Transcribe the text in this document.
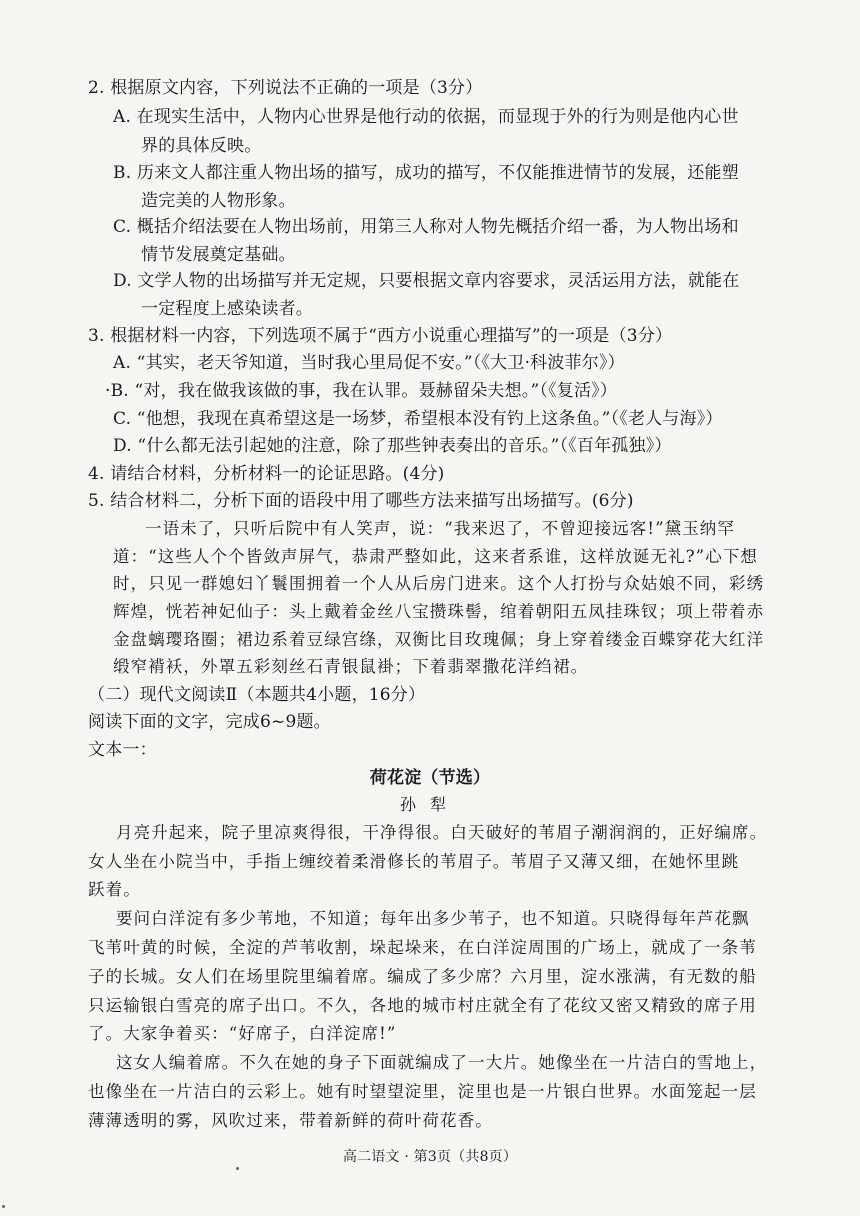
2. 根据原文内容，下列说法不正确的一项是（3分）
A. 在现实生活中，人物内心世界是他行动的依据，而显现于外的行为则是他内心世
界的具体反映。
B. 历来文人都注重人物出场的描写，成功的描写，不仅能推进情节的发展，还能塑
造完美的人物形象。
C. 概括介绍法要在人物出场前，用第三人称对人物先概括介绍一番，为人物出场和
情节发展奠定基础。
D. 文学人物的出场描写并无定规，只要根据文章内容要求，灵活运用方法，就能在
一定程度上感染读者。
3. 根据材料一内容，下列选项不属于“西方小说重心理描写”的一项是（3分）
A. “其实，老天爷知道，当时我心里局促不安。”（《大卫·科波菲尔》）
·B. “对，我在做我该做的事，我在认罪。聂赫留朵夫想。”（《复活》）
C. “他想，我现在真希望这是一场梦，希望根本没有钓上这条鱼。”（《老人与海》）
D. “什么都无法引起她的注意，除了那些钟表奏出的音乐。”（《百年孤独》）
4. 请结合材料，分析材料一的论证思路。(4分)
5. 结合材料二，分析下面的语段中用了哪些方法来描写出场描写。(6分)
一语未了，只听后院中有人笑声，说：“我来迟了，不曾迎接远客!”黛玉纳罕
道：“这些人个个皆敛声屏气，恭肃严整如此，这来者系谁，这样放诞无礼?”心下想
时，只见一群媳妇丫鬟围拥着一个人从后房门进来。这个人打扮与众姑娘不同，彩绣
辉煌，恍若神妃仙子：头上戴着金丝八宝攒珠髻，绾着朝阳五凤挂珠钗；项上带着赤
金盘螭璎珞圈；裙边系着豆绿宫绦，双衡比目玫瑰佩；身上穿着缕金百蝶穿花大红洋
缎窄褙袄，外罩五彩刻丝石青银鼠褂；下着翡翠撒花洋绉裙。
（二）现代文阅读Ⅱ（本题共4小题，16分）
阅读下面的文字，完成6~9题。
文本一：
荷花淀（节选）
孙犁
月亮升起来，院子里凉爽得很，干净得很。白天破好的苇眉子潮润润的，正好编席。
女人坐在小院当中，手指上缠绞着柔滑修长的苇眉子。苇眉子又薄又细，在她怀里跳
跃着。
要问白洋淀有多少苇地，不知道；每年出多少苇子，也不知道。只晓得每年芦花飘
飞苇叶黄的时候，全淀的芦苇收割，垛起垛来，在白洋淀周围的广场上，就成了一条苇
子的长城。女人们在场里院里编着席。编成了多少席？六月里，淀水涨满，有无数的船
只运输银白雪亮的席子出口。不久，各地的城市村庄就全有了花纹又密又精致的席子用
了。大家争着买：“好席子，白洋淀席!”
这女人编着席。不久在她的身子下面就编成了一大片。她像坐在一片洁白的雪地上，
也像坐在一片洁白的云彩上。她有时望望淀里，淀里也是一片银白世界。水面笼起一层
薄薄透明的雾，风吹过来，带着新鲜的荷叶荷花香。
高二语文 · 第3页（共8页）
